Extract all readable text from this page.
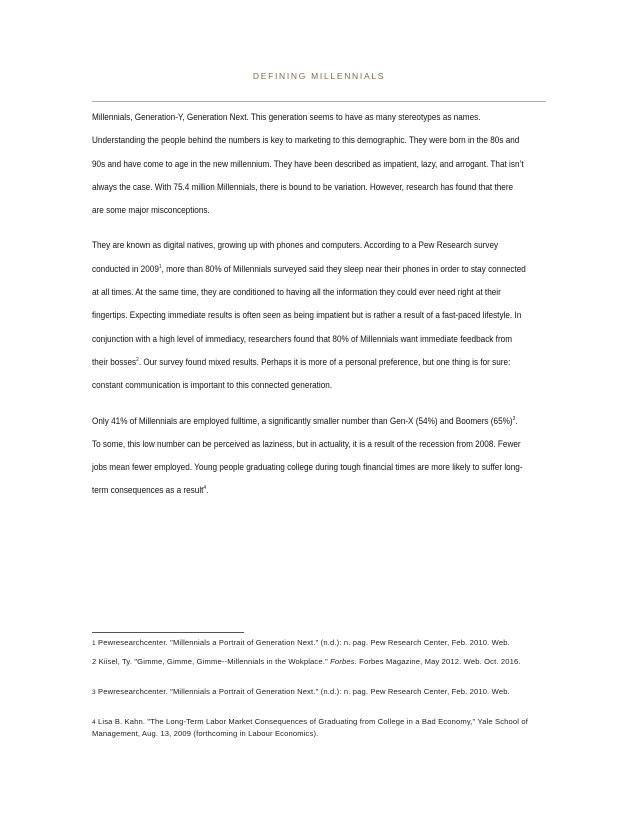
DEFINING MILLENNIALS

Millennials, Generation-Y, Generation Next. This generation seems to have as many stereotypes as names.
Understanding the people behind the numbers is key to marketing to this demographic. They were born in the 80s and
90s and have come to age in the new millennium. They have been described as impatient, lazy, and arrogant. That isn’t
always the case. With 75.4 million Millennials, there is bound to be variation. However, research has found that there
are some major misconceptions.

They are known as digital natives, growing up with phones and computers. According to a Pew Research survey
conducted in 2009$^1$, more than 80% of Millennials surveyed said they sleep near their phones in order to stay connected
at all times. At the same time, they are conditioned to having all the information they could ever need right at their
fingertips. Expecting immediate results is often seen as being impatient but is rather a result of a fast-paced lifestyle. In
conjunction with a high level of immediacy, researchers found that 80% of Millennials want immediate feedback from
their bosses$^2$. Our survey found mixed results. Perhaps it is more of a personal preference, but one thing is for sure:
constant communication is important to this connected generation.

Only 41% of Millennials are employed fulltime, a significantly smaller number than Gen-X (54%) and Boomers $(65\%)^3$.
To some, this low number can be perceived as laziness, but in actuality, it is a result of the recession from 2008. Fewer
jobs mean fewer employed. Young people graduating college during tough financial times are more likely to suffer long-
term consequences as a result$^4$.

1 Pewresearchcenter. "Millennials a Portrait of Generation Next." (n.d.): n. pag. Pew Research Center, Feb. 2010. Web.
2 Kiisel, Ty. "Gimme, Gimme, Gimme--Millennials in the Wokplace." Forbes. Forbes Magazine, May 2012. Web. Oct. 2016.
3 Pewresearchcenter. "Millennials a Portrait of Generation Next." (n.d.): n. pag. Pew Research Center, Feb. 2010. Web.
4 Lisa B. Kahn. "The Long-Term Labor Market Consequences of Graduating from College in a Bad Economy," Yale School of Management, Aug. 13, 2009 (forthcoming in Labour Economics).
